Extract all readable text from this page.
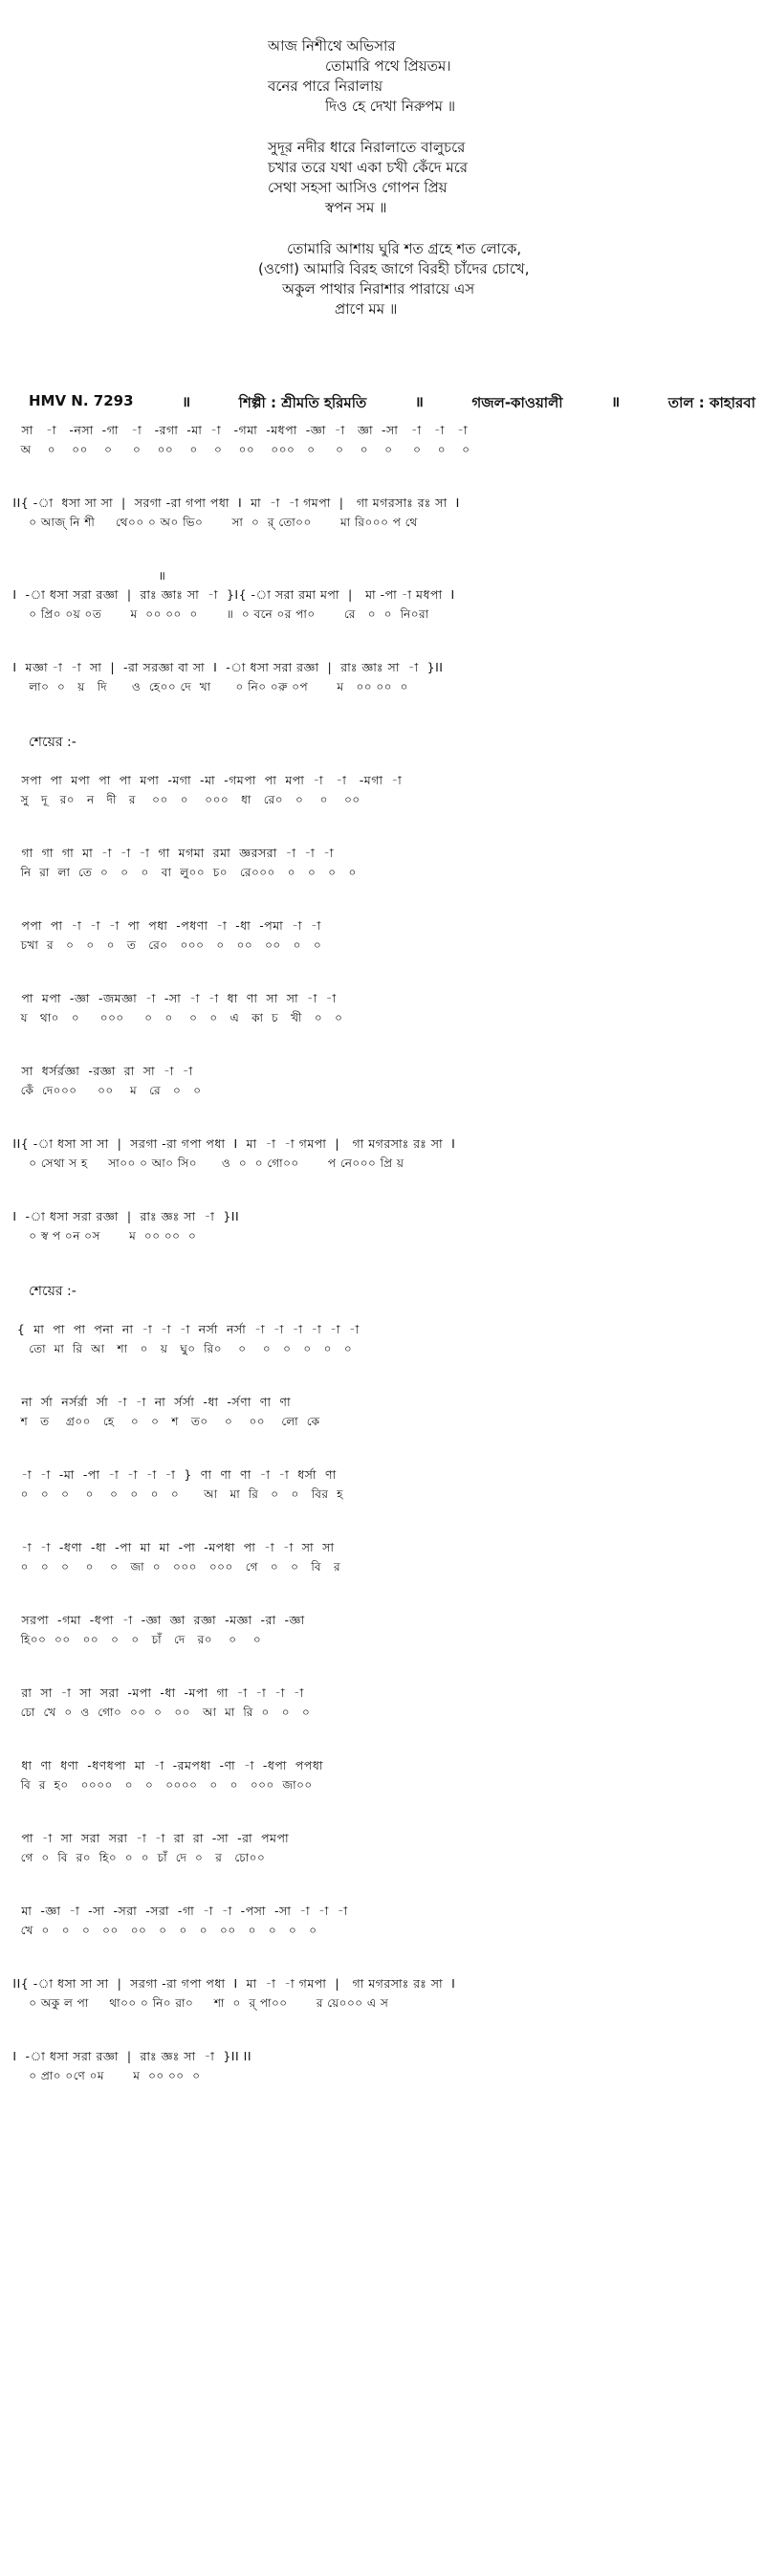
আজ নিশীথে অভিসার
তোমারি পথে প্রিয়তম।
বনের পারে নিরালায়
দিও হে দেখা নিরুপম ॥
সুদূর নদীর ধারে নিরালাতে বালুচরে
চখার তরে যথা একা চখী কেঁদে মরে
সেথা সহসা আসিও গোপন প্রিয়
স্বপন সম ॥
তোমারি আশায় ঘুরি শত গ্রহে শত লোকে,
(ওগো) আমারি বিরহ জাগে বিরহী চাঁদের চোখে,
অকুল পাথার নিরাশার পারায়ে এস
প্রাণে মম ॥
HMV N. 7293	॥	শিল্পী : শ্রীমতি হরিমতি	॥	গজল-কাওয়ালী	॥	তাল : কাহারবা
সা   -া   -নসা  -গা   -া   -রগা  -মা  -া   -গমা  -মধপা  -জ্ঞা  -া   জ্ঞা  -সা   -া   -া   -া
অ    ০    ০০    ০     ০    ০০    ০    ০    ০০    ০০০   ০     ০    ০    ০     ০    ০    ০
II{ -া  ধসা সা সা  |  সরগা -রা গপা পধা  I  মা  -া  -া গমপা  |   গা মগরসাঃ রঃ সা  I
০ আজ্ নি শী     থে০০ ০ অ০ ভি০       সা  ০  র্ তো০০       মা রি০০০ প থে
॥
I  -া ধসা সরা রজ্ঞা  |  রাঃ জ্ঞাঃ সা  -া  }I{ -া সরা রমা মপা  |   মা -পা -া মধপা  I
০ প্রি০ ০য় ০ত       ম  ০০ ০০  ০       ॥  ০ বনে ০র পা০       রে   ০  ০  নি০রা
I  মজ্ঞা -া  -া  সা  |  -রা সরজ্ঞা বা সা  I  -া ধসা সরা রজ্ঞা  |  রাঃ জ্ঞাঃ সা  -া  }II
লা০  ০   য়   দি      ও  হে০০ দে  খা      ০ নি০ ০রু ০প       ম   ০০ ০০  ০
শেয়ের :-
সপা  পা  মপা  পা  পা  মপা  -মগা  -মা  -গমপা  পা  মপা  -া   -া   -মগা  -া
সু   দূ   র০   ন   দী   র    ০০   ০    ০০০   ধা   রে০   ০    ০    ০০
গা  গা  গা  মা  -া  -া  -া  গা  মগমা  রমা  জ্ঞরসরা  -া  -া  -া
নি  রা  লা  তে  ০   ০   ০   বা  লু০০  চ০   রে০০০   ০   ০   ০   ০
পপা  পা  -া  -া  -া  পা  পধা  -পধণা  -া  -ধা  -পমা  -া  -া
চখা  র   ০   ০   ০   ত   রে০   ০০০   ০   ০০   ০০   ০   ০
পা  মপা  -জ্ঞা  -জমজ্ঞা  -া  -সা  -া  -া  ধা  ণা  সা  সা  -া  -া
য   থা০   ০     ০০০     ০   ০    ০   ০   এ   কা  চ   খী   ০   ০
সা  ধর্সর্রজ্ঞা  -রজ্ঞা  রা  সা  -া  -া
কেঁ  দে০০০     ০০    ম   রে   ০   ০
II{ -া ধসা সা সা  |  সরগা -রা গপা পধা  I  মা  -া  -া গমপা  |   গা মগরসাঃ রঃ সা  I
০ সেথা স হ     সা০০ ০ আ০ সি০      ও  ০  ০ গো০০       প নে০০০ প্রি য়
I  -া ধসা সরা রজ্ঞা  |  রাঃ জ্ঞঃ সা  -া  }II
০ স্ব প ০ন ০স       ম  ০০ ০০  ০
শেয়ের :-
{  মা  পা  পা  পনা  না  -া  -া  -া  নর্সা  নর্সা  -া  -া  -া  -া  -া  -া
তো  মা  রি  আ   শা   ০   য়   ঘু০  রি০    ০    ০   ০   ০   ০   ০
না  র্সা  নর্সর্রা  র্সা  -া  -া  না  র্সর্সা  -ধা  -র্সণা  ণা  ণা
শ   ত    গ্র০০   হে    ০   ০   শ   ত০    ০    ০০    লো  কে
-া  -া  -মা  -পা  -া  -া  -া  -া  }  ণা  ণা  ণা  -া  -া  ধর্সা  ণা
০   ০   ০    ০    ০   ০   ০   ০      আ   মা  রি   ০   ০   বির  হ
-া  -া  -ধণা  -ধা  -পা  মা  মা  -পা  -মপধা  পা  -া  -া  সা  সা
০   ০   ০    ০    ০   জা  ০   ০০০   ০০০   গে   ০   ০   বি   র
সরপা  -গমা  -ধপা  -া  -জ্ঞা  জ্ঞা  রজ্ঞা  -মজ্ঞা  -রা  -জ্ঞা
হি০০  ০০   ০০   ০   ০   চাঁ   দে   র০    ০    ০
রা  সা  -া  সা  সরা  -মপা  -ধা  -মপা  গা  -া  -া  -া  -া
চো  খে  ০  ও  গো০  ০০  ০   ০০   আ  মা  রি  ০   ০   ০
ধা  ণা  ধণা  -ধণধপা  মা  -া  -রমপধা  -ণা  -া  -ধপা  পপধা
বি  র  হ০   ০০০০   ০   ০   ০০০০   ০   ০   ০০০  জা০০
পা  -া  সা  সরা  সরা  -া  -া  রা  রা  -সা  -রা  পমপা
গে  ০  বি  র০  হি০  ০  ০  চাঁ  দে  ০   র   চো০০
মা  -জ্ঞা  -া  -সা  -সরা  -সরা  -গা  -া  -া  -পসা  -সা  -া  -া  -া
খে  ০   ০   ০   ০০   ০০   ০   ০   ০   ০০   ০   ০   ০   ০
II{ -া ধসা সা সা  |  সরগা -রা গপা পধা  I  মা  -া  -া গমপা  |   গা মগরসাঃ রঃ সা  I
০ অকু ল পা     থা০০ ০ নি০ রা০     শা  ০  র্ পা০০       র য়ে০০০ এ স
I  -া ধসা সরা রজ্ঞা  |  রাঃ জ্ঞঃ সা  -া  }II II
০ প্রা০ ০ণে ০ম       ম  ০০ ০০  ০
